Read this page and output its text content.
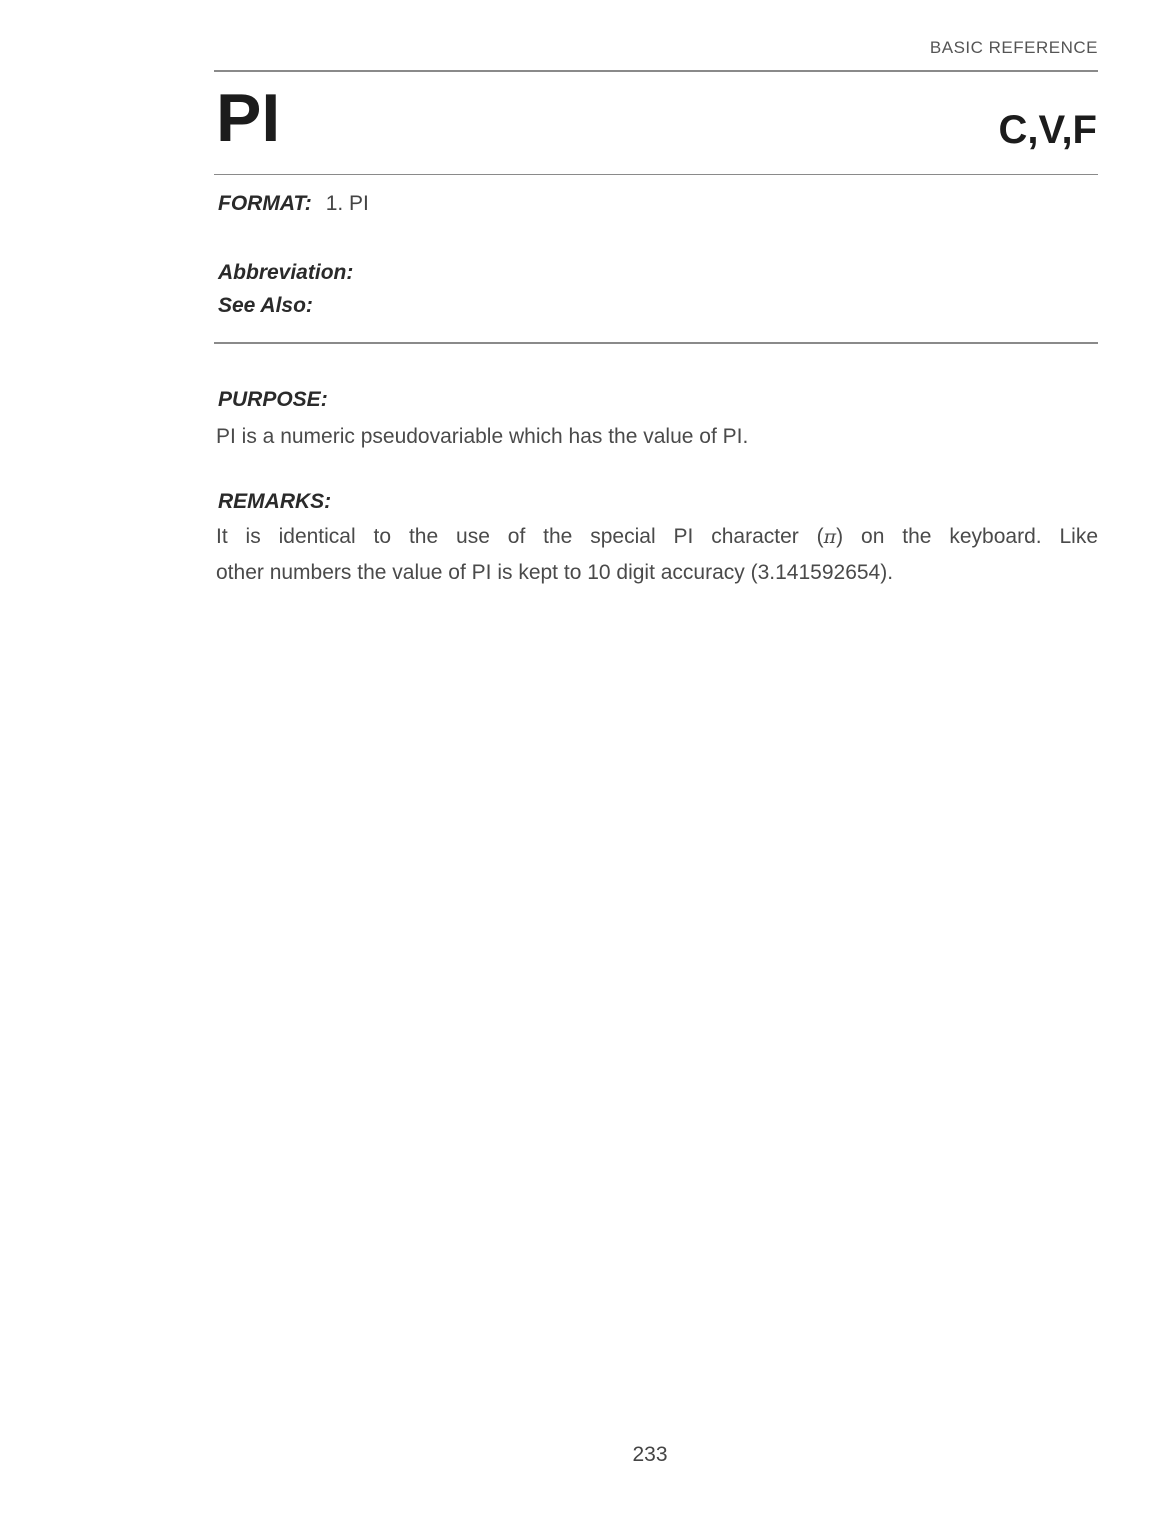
BASIC REFERENCE
PI	C,V,F
FORMAT: 1. PI
Abbreviation:
See Also:
PURPOSE:
PI is a numeric pseudovariable which has the value of PI.
REMARKS:
It is identical to the use of the special PI character (π) on the keyboard. Like
other numbers the value of PI is kept to 10 digit accuracy (3.141592654).
233
